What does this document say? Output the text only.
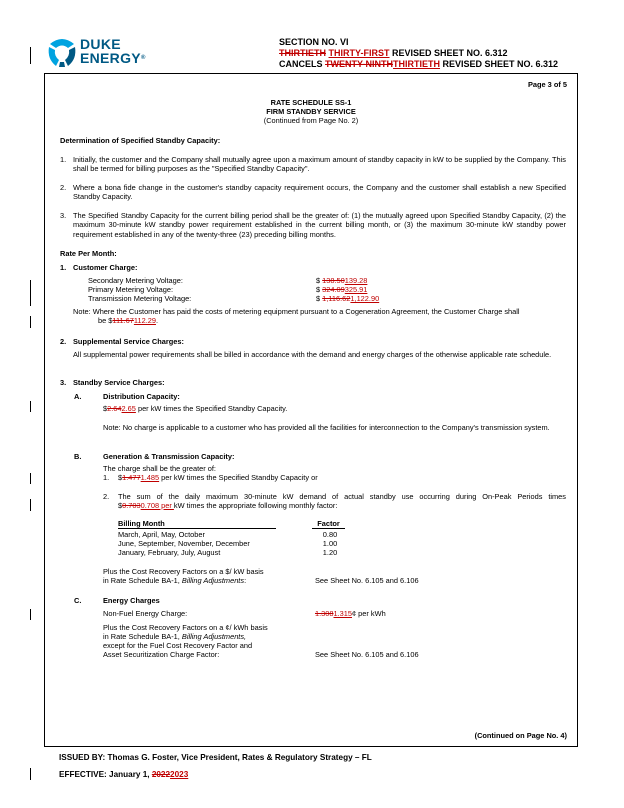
DUKE
ENERGY®
SECTION NO. VI
THIRTIETH THIRTY-FIRST REVISED SHEET NO. 6.312
CANCELS TWENTY-NINTHTHIRTIETH REVISED SHEET NO. 6.312
Page 3 of 5
RATE SCHEDULE SS-1
FIRM STANDBY SERVICE
(Continued from Page No. 2)
Determination of Specified Standby Capacity:
1. Initially, the customer and the Company shall mutually agree upon a maximum amount of standby capacity in kW to be supplied by the Company. This shall be termed for billing purposes as the "Specified Standby Capacity".
2. Where a bona fide change in the customer's standby capacity requirement occurs, the Company and the customer shall establish a new Specified Standby Capacity.
3. The Specified Standby Capacity for the current billing period shall be the greater of: (1) the mutually agreed upon Specified Standby Capacity, (2) the maximum 30-minute kW standby power requirement established in the current billing month, or (3) the maximum 30-minute kW standby power requirement established in any of the twenty-three (23) preceding billing months.
Rate Per Month:
1. Customer Charge:
Secondary Metering Voltage:	$ 138.50139.28
Primary Metering Voltage:	$ 324.09325.91
Transmission Metering Voltage:	$ 1,116.621,122.90
Note: Where the Customer has paid the costs of metering equipment pursuant to a Cogeneration Agreement, the Customer Charge shall
be $111.67112.29.
2. Supplemental Service Charges:
All supplemental power requirements shall be billed in accordance with the demand and energy charges of the otherwise applicable rate schedule.
3. Standby Service Charges:
A.	Distribution Capacity:
$2.642.65 per kW times the Specified Standby Capacity.
Note: No charge is applicable to a customer who has provided all the facilities for interconnection to the Company's transmission system.
B.	Generation & Transmission Capacity:
The charge shall be the greater of:
1. $1.4771.485 per kW times the Specified Standby Capacity or
2. The sum of the daily maximum 30-minute kW demand of actual standby use occurring during On-Peak Periods times
$0.7030.708 per kW times the appropriate following monthly factor:
Billing Month	Factor
March, April, May, October	0.80
June, September, November, December	1.00
January, February, July, August	1.20
Plus the Cost Recovery Factors on a $/ kW basis
in Rate Schedule BA-1, Billing Adjustments:	See Sheet No. 6.105 and 6.106
C.	Energy Charges
Non-Fuel Energy Charge:	1.3081.315¢ per kWh
Plus the Cost Recovery Factors on a ¢/ kWh basis
in Rate Schedule BA-1, Billing Adjustments,
except for the Fuel Cost Recovery Factor and
Asset Securitization Charge Factor:	See Sheet No. 6.105 and 6.106
(Continued on Page No. 4)
ISSUED BY: Thomas G. Foster, Vice President, Rates & Regulatory Strategy – FL
EFFECTIVE: January 1, 20222023
